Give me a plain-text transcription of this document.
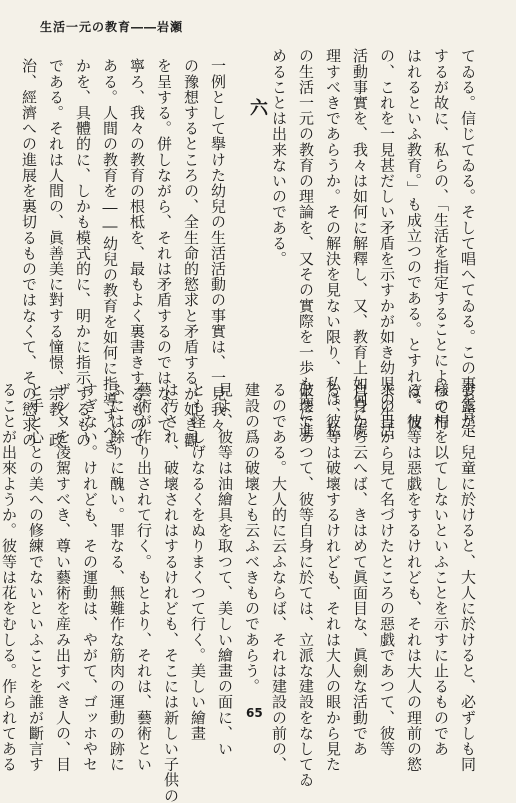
生活一元の教育――岩瀬
てゐる。信じてゐる。そして唱へてゐる。この事を肯定
するが故に、私らの、「生活を指定することによつて行
はれるといふ教育。」も成立つのである。とすれば、彼
の、これを一見甚だしい矛盾を示すかが如き幼児の生活
活動事實を、我々は如何に解釋し、又、教育上如何に處
理すべきであらうか。その解決を見ない限り、私は、私
の生活一元の教育の理論を、又その實際を一歩も先に進
めることは出来ないのである。
六
一例として擧けた幼兒の生活活動の事實は、一見我々
の豫想するところの、全生命的慾求と矛盾するが如き觀
を呈する。併しながら、それは矛盾するのではなくて、
寧ろ、我々の教育の根柢を、最もよく裏書きするもので
ある。人間の教育を――幼兒の教育を如何に指導すべき
かを、具體的に、しかも模式的に、明かに指示するもの
である。それは人間の、眞善美に對する憧憬、宗教、政
治、經濟への進展を裏切るものではなくて、その慾求の
發露が、兒童に於けると、大人に於けると、必ずしも同
樣の相を以てしないといふことを示すに止るものであ
る。彼等は惡戯をするけれども、それは大人の理前の慾
求の目から見て名づけたところの惡戯であつて、彼等
自身から云へば、きはめて眞面目な、眞劍な活動であ
る。彼等は破壞するけれども、それは大人の眼から見た
破壞であつて、彼等自身に於ては、立派な建設をなしてゐ
るのである。大人的に云ふならば、それは建設の前の、
建設の爲の破壞とも云ふべきものであらう。
見よ、彼等は油繪具を取つて、美しい繪畫の面に、い
とも怪しげなるくをぬりまくつて行く。美しい繪畫
は汚され、破壞されはするけれども、そこには新しい子供の
藝術が作り出されて行く。もとより、それは、藝術とい
ふには餘りに醜い。罪なる、無難作な筋肉の運動の跡に
すぎない。けれども、その運動は、やがて、ゴッホやセ
ザンヌを凌駕すべき、尊い藝術を産み出すべき人の、目
と手と心との美への修練でないといふことを誰が斷言す
ることが出來ようか。彼等は花をむしる。作られてある	65
